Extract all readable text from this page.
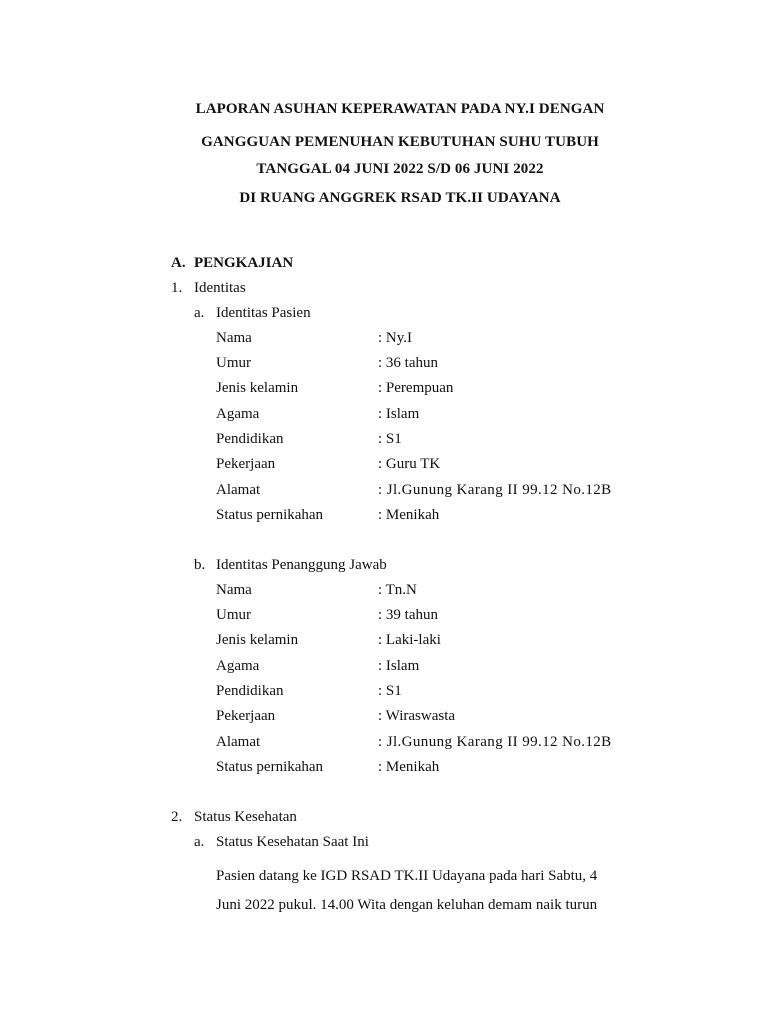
LAPORAN ASUHAN KEPERAWATAN PADA NY.I DENGAN
GANGGUAN PEMENUHAN KEBUTUHAN SUHU TUBUH
TANGGAL 04 JUNI 2022 S/D 06 JUNI 2022
DI RUANG ANGGREK RSAD TK.II UDAYANA
A. PENGKAJIAN
1. Identitas
a. Identitas Pasien
Nama	: Ny.I
Umur	: 36 tahun
Jenis kelamin	: Perempuan
Agama	: Islam
Pendidikan	: S1
Pekerjaan	: Guru TK
Alamat	: Jl.Gunung Karang II 99.12 No.12B
Status pernikahan	: Menikah
b. Identitas Penanggung Jawab
Nama	: Tn.N
Umur	: 39 tahun
Jenis kelamin	: Laki-laki
Agama	: Islam
Pendidikan	: S1
Pekerjaan	: Wiraswasta
Alamat	: Jl.Gunung Karang II 99.12 No.12B
Status pernikahan	: Menikah
2. Status Kesehatan
a. Status Kesehatan Saat Ini
Pasien datang ke IGD RSAD TK.II Udayana pada hari Sabtu, 4
Juni 2022 pukul. 14.00 Wita dengan keluhan demam naik turun
